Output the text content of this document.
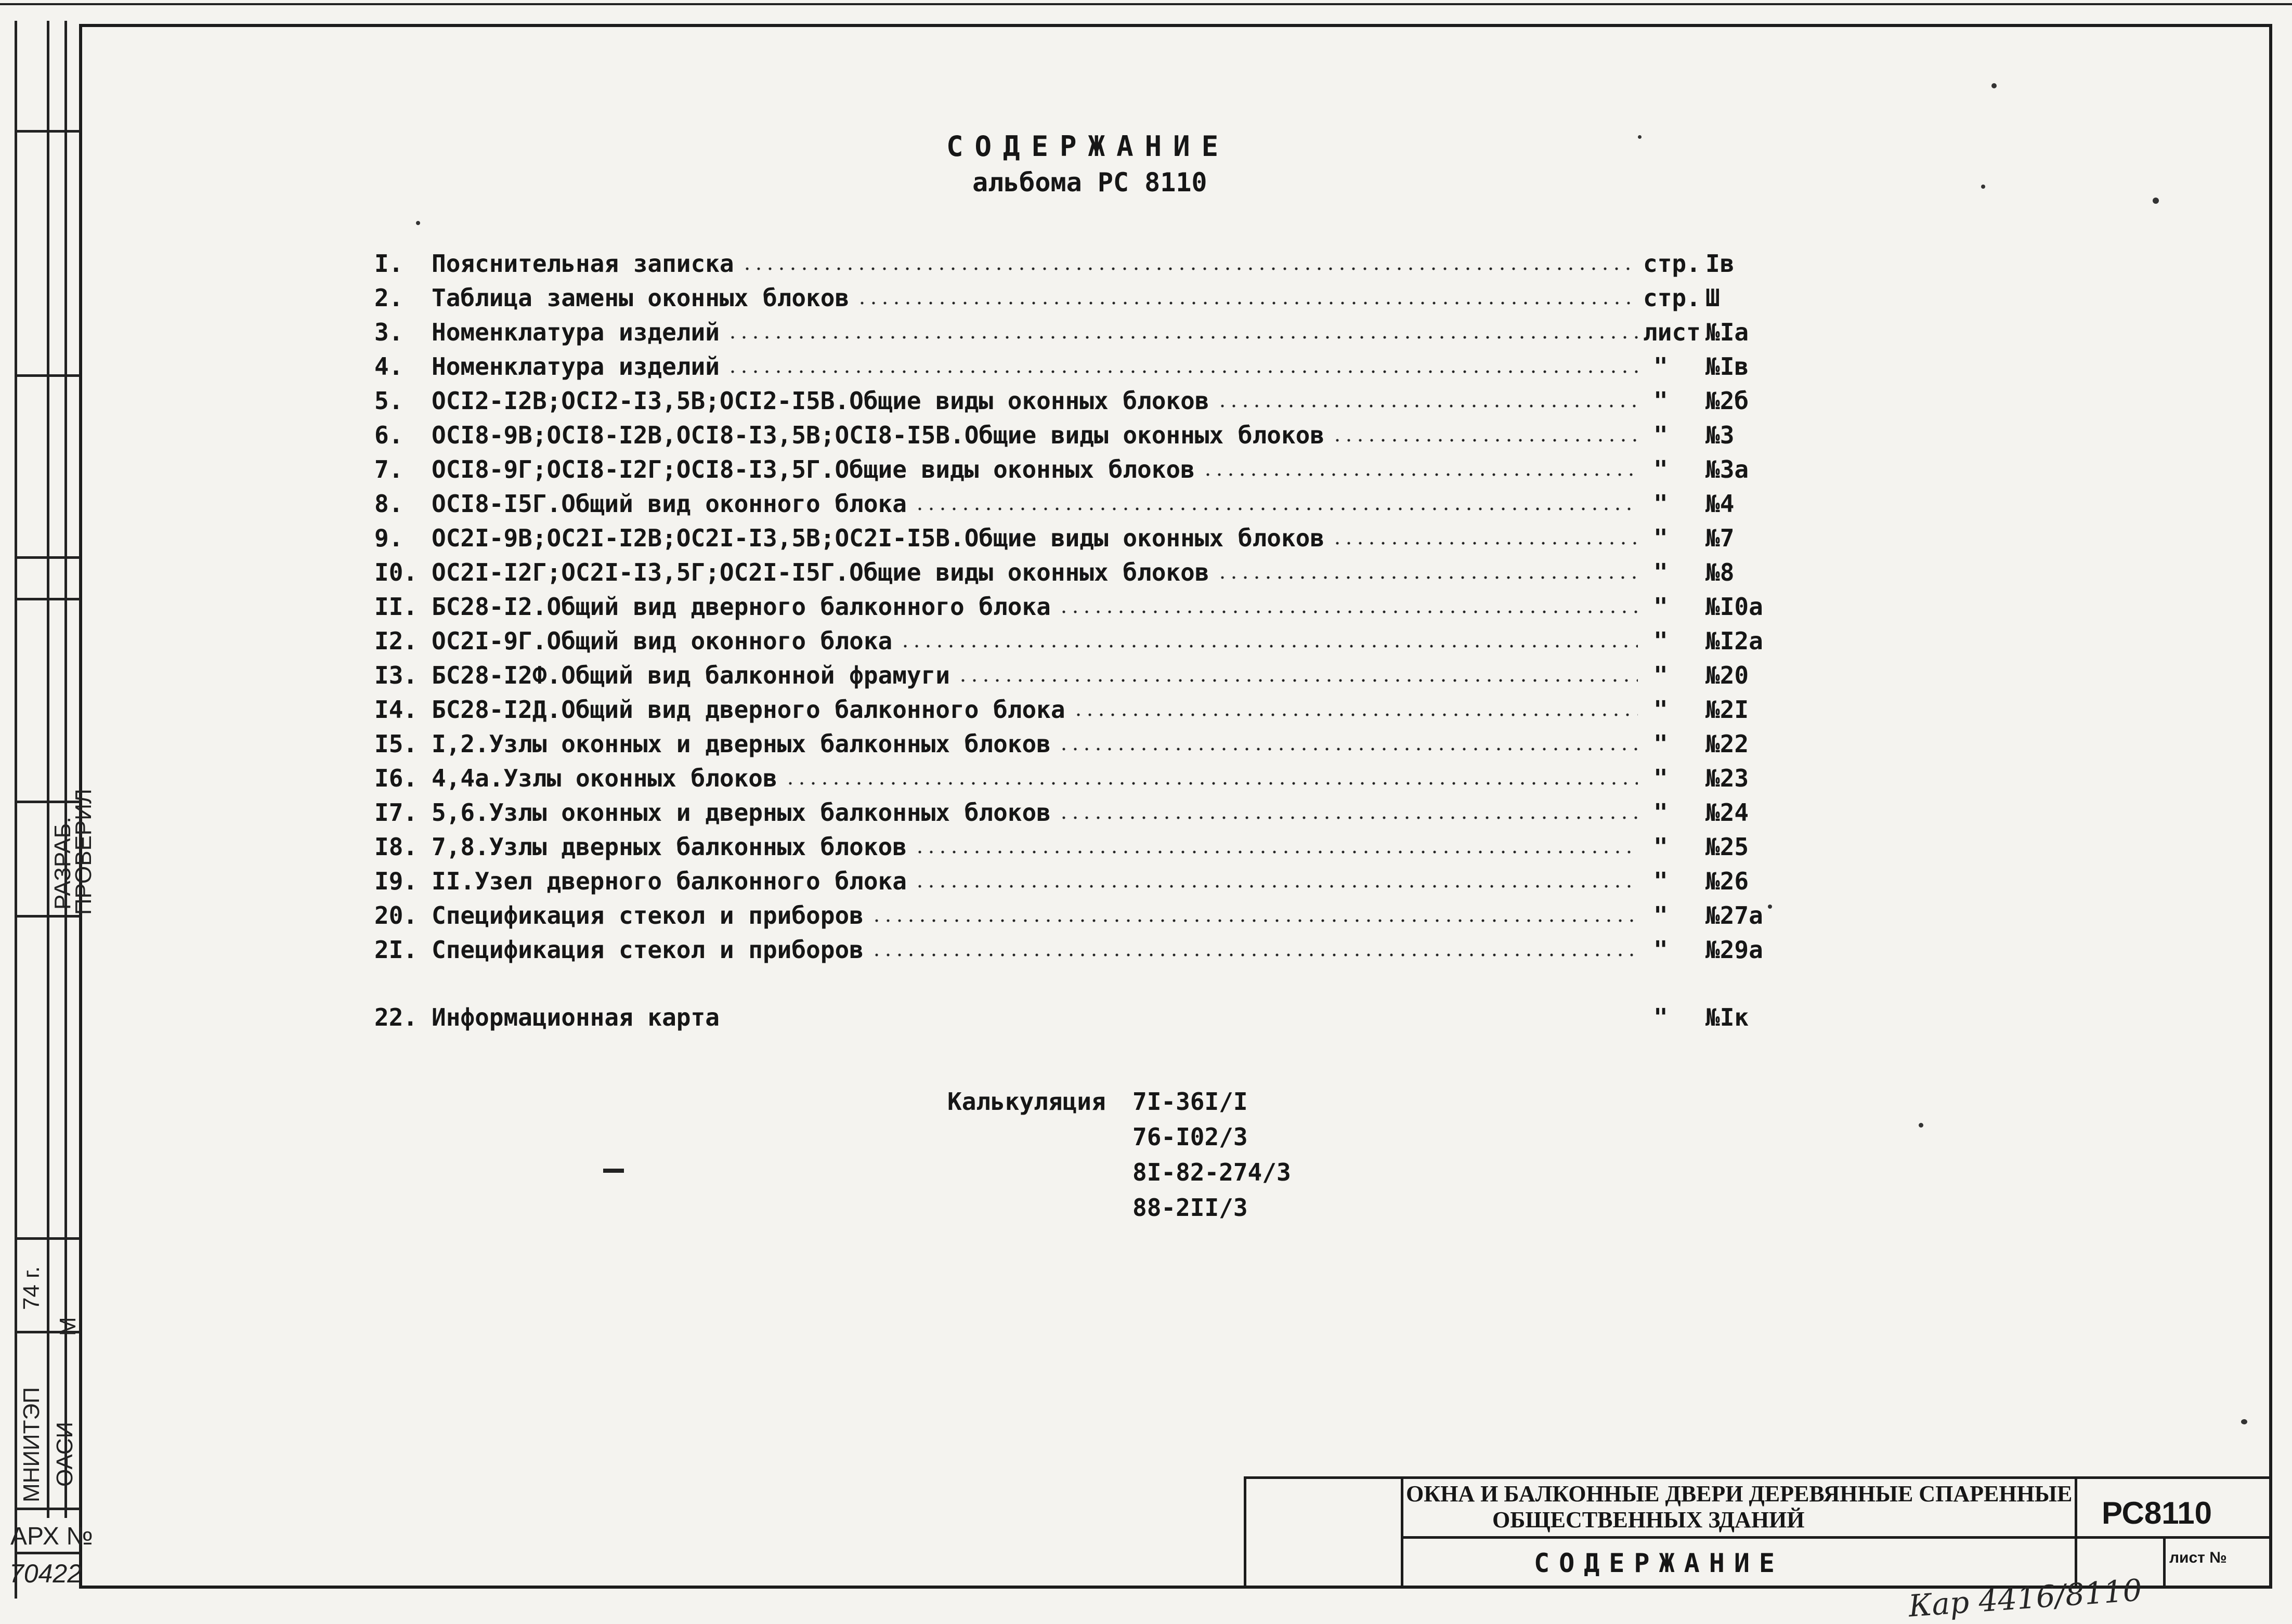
РАЗРАБ.
ПРОВЕРИЛ
74 г.
М
МНИИТЭП ОАСИ
АРХ №
70422
СОДЕРЖАНИЕ
альбома РС 8110
I. Пояснительная записка	стр. Iв
2. Таблица замены оконных блоков	стр. Ш
3. Номенклатура изделий	лист №Iа
4. Номенклатура изделий	" №Iв
5. ОСI2-I2В;ОСI2-I3,5В;ОСI2-I5В.Общие виды оконных блоков	" №2б
6. ОСI8-9В;ОСI8-I2В,ОСI8-I3,5В;ОСI8-I5В.Общие виды оконных блоков	" №3
7. ОСI8-9Г;ОСI8-I2Г;ОСI8-I3,5Г.Общие виды оконных блоков	" №3а
8. ОСI8-I5Г.Общий вид оконного блока	" №4
9. ОС2I-9В;ОС2I-I2В;ОС2I-I3,5В;ОС2I-I5В.Общие виды оконных блоков	" №7
I0. ОС2I-I2Г;ОС2I-I3,5Г;ОС2I-I5Г.Общие виды оконных блоков	" №8
II. БС28-I2.Общий вид дверного балконного блока	" №I0а
I2. ОС2I-9Г.Общий вид оконного блока	" №I2а
I3. БС28-I2Ф.Общий вид балконной фрамуги	" №20
I4. БС28-I2Д.Общий вид дверного балконного блока	" №2I
I5. I,2.Узлы оконных и дверных балконных блоков	" №22
I6. 4,4а.Узлы оконных блоков	" №23
I7. 5,6.Узлы оконных и дверных балконных блоков	" №24
I8. 7,8.Узлы дверных балконных блоков	" №25
I9. II.Узел дверного балконного блока	" №26
20. Спецификация стекол и приборов	" №27а
2I. Спецификация стекол и приборов	" №29а
22. Информационная карта	" №Iк
Калькуляция 7I-36I/I
76-I02/3
8I-82-274/3
88-2II/3
ОКНА И БАЛКОННЫЕ ДВЕРИ ДЕРЕВЯННЫЕ СПАРЕННЫЕ
ОБЩЕСТВЕННЫХ ЗДАНИЙ
СОДЕРЖАНИЕ
РС8110
лист №
Кар 4416/8110
